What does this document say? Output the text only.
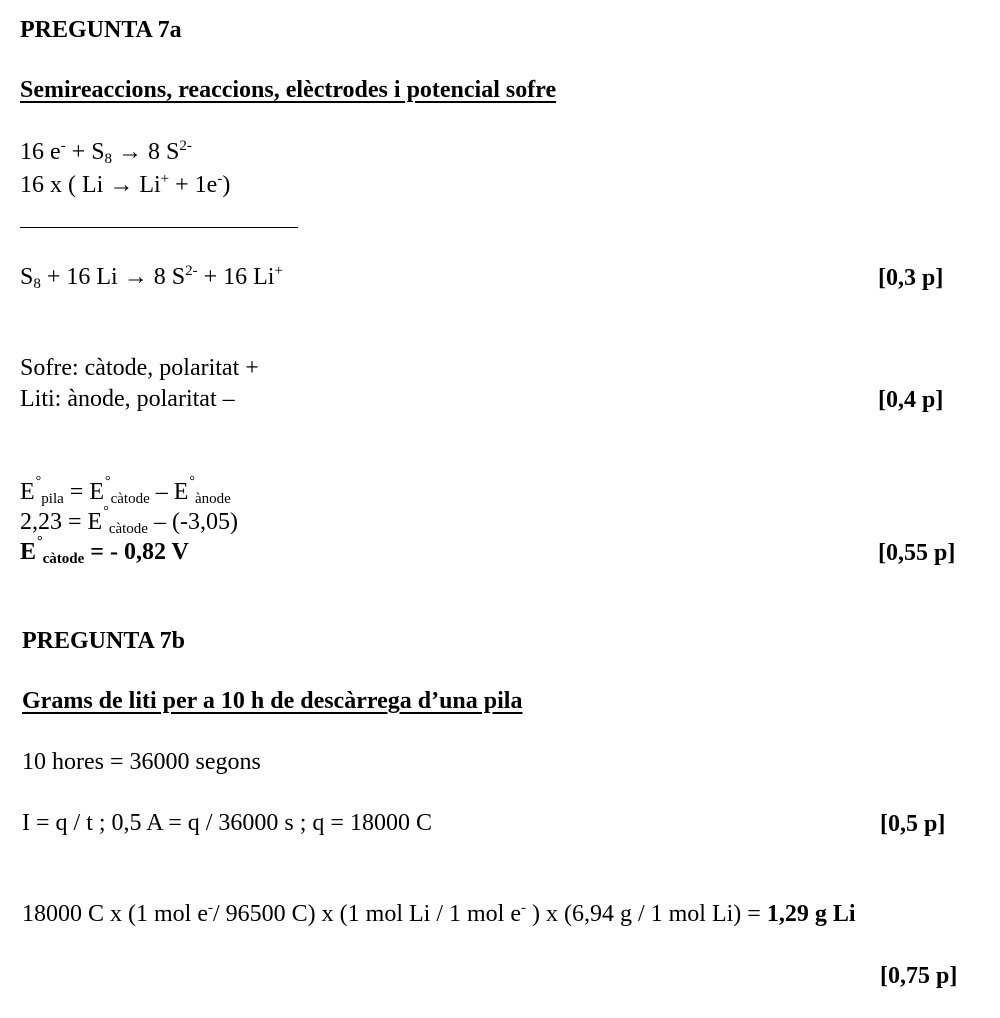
PREGUNTA 7a
Semireaccions, reaccions, elèctrodes i potencial sofre
16 $e^- + S_8 \to 8$ $S^{2-}$
16 x ( Li → Li+ + 1e-)
$S_8 + 16$ Li → 8 $S^{2-} + 16$ Li+	[0,3 p]
Sofre: càtode, polaritat +
Liti: ànode, polaritat –	[0,4 p]
$E^\circ_{pila} = E^\circ_{càtode} - E^\circ_{ànode}$
$2,23 = E^\circ_{càtode} - (-3,05)$
$E^\circ_{càtode}$ = - 0,82 V	[0,55 p]
PREGUNTA 7b
Grams de liti per a 10 h de descàrrega d’una pila
10 hores = 36000 segons
I = q / t ; 0,5 A = q / 36000 s ; q = 18000 C	[0,5 p]
18000 C x (1 mol e-/ 96500 C) x (1 mol Li / 1 mol e- ) x (6,94 g / 1 mol Li) = 1,29 g Li
[0,75 p]
